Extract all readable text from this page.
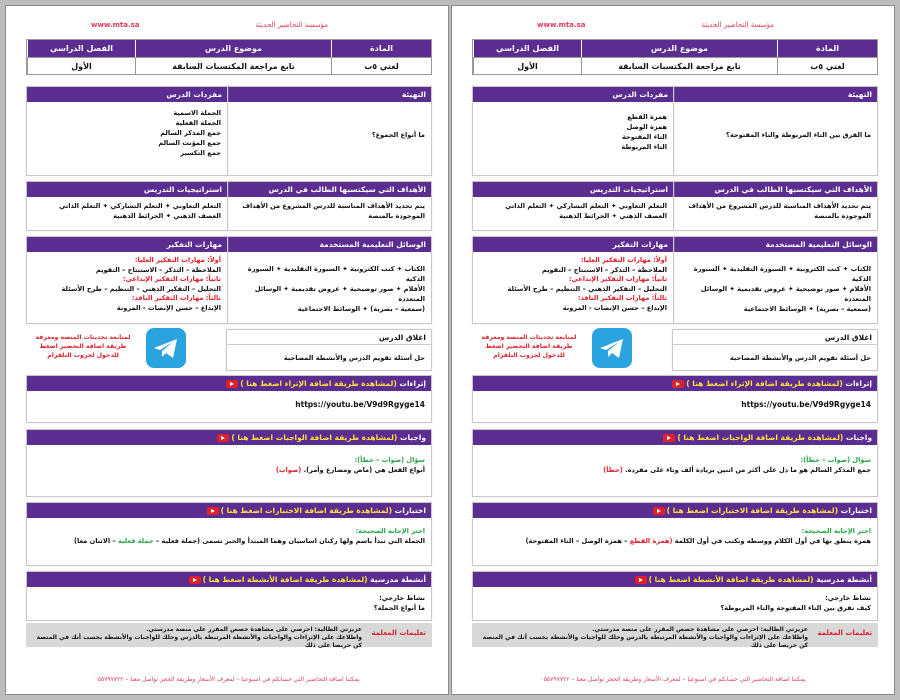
مؤسسة التحاضير الحديثة
www.mta.sa
المادة
موضوع الدرس
الفصل الدراسي
لغتي ٥ب
تابع مراجعة المكتسبات السابقة
الأول
التهيئة
ما الفرق بين التاء المربوطة والتاء المفتوحة؟
مفردات الدرس
همزة القطع
همزة الوصل
التاء المفتوحة
التاء المربوطة
الأهداف التي سيكتسبها الطالب في الدرس
يتم تحديد الأهداف المناسبة للدرس المشروع من الأهداف الموجودة بالمنصة
استراتيجيات التدريس
التعلم التعاوني ✦ التعلم التشاركي ✦ التعلم الذاتي
العصف الذهني ✦ الخرائط الذهنية
الوسائل التعليمية المستخدمة
الكتاب ✦ كتب الكترونية ✦ السبورة التقليدية ✦ السبورة الذكية
الأقلام ✦ صور توضيحية ✦ عروض تقديمية ✦ الوسائل المتعددة
(سمعية – بصرية) ✦ الوسائط الاجتماعية
مهارات التفكير
أولاً: مهارات التفكير العليا:
الملاحظة – التذكر – الاستنتاج – التقويم
ثانياً: مهارات التفكير الإبداعي:
التحليل – التفكير الذهني – التنظيم – طرح الأسئلة
ثالثاً: مهارات التفكير الناقد:
الإبداع – حسن الإنصات - المرونة
اغلاق الدرس
حل أسئلة تقويم الدرس والأنشطة المصاحبة
لمتابعة تحديثات المنصة ومعرفة طريقة اضافة التحضير اضغط للدخول لجروب التلقرام
إثراءات (لمشاهدة طريقة اضافة الإثراء اضغط هنا )
https://youtu.be/V9d9Rgyge14
واجبات (لمشاهدة طريقة اضافة الواجبات اضغط هنا )
سؤال (صواب – خطأ):
جمع المذكر السالم هو ما دل على أكثر من اثنين بزيادة ألف وتاء على مفرده. (خطأ)
اختبارات (لمشاهدة طريقة اضافة الاختبارات اضغط هنا )
اختر الإجابة الصحيحة:
همزة ينطق بها في أول الكلام ووسطه وتكتب في أول الكلمة (همزة القطع – همزة الوصل – التاء المفتوحة)
أنشطة مدرسية (لمشاهدة طريقة اضافة الأنشطة اضغط هنا )
نشاط خارجي:
كيف نفرق بين التاء المفتوحة والتاء المربوطة؟
تعليمات المعلمة
عزيزتي الطالبة: احرصي على مشاهدة حصص المقرر على منصة مدرستي.
واطلاعك على الإثراءات والواجبات والأنشطة المرتبطة بالدرس وحلك للواجبات والأنشطة بحسب أنك في المنصة كن حريصا على ذلك
يمكننا اضافة التحاضير التي حسابكم في اسبوعيا – لمعرف الأسعار وطريقة الحجز تواصل معنا – ٠٥٥٧٩٧٧٢٢
مؤسسة التحاضير الحديثة
www.mta.sa
المادة
موضوع الدرس
الفصل الدراسي
لغتي ٥ب
تابع مراجعة المكتسبات السابقة
الأول
التهيئة
ما أنواع الجموع؟
مفردات الدرس
الجملة الاسمية
الجملة الفعلية
جمع المذكر السالم
جمع المؤنث السالم
جمع التكسير
الأهداف التي سيكتسبها الطالب في الدرس
يتم تحديد الأهداف المناسبة للدرس المشروع من الأهداف الموجودة بالمنصة
استراتيجيات التدريس
التعلم التعاوني ✦ التعلم التشاركي ✦ التعلم الذاتي
العصف الذهني ✦ الخرائط الذهنية
الوسائل التعليمية المستخدمة
الكتاب ✦ كتب الكترونية ✦ السبورة التقليدية ✦ السبورة الذكية
الأقلام ✦ صور توضيحية ✦ عروض تقديمية ✦ الوسائل المتعددة
(سمعية – بصرية) ✦ الوسائط الاجتماعية
مهارات التفكير
أولاً: مهارات التفكير العليا:
الملاحظة – التذكر – الاستنتاج – التقويم
ثانياً: مهارات التفكير الإبداعي:
التحليل – التفكير الذهني – التنظيم – طرح الأسئلة
ثالثاً: مهارات التفكير الناقد:
الإبداع – حسن الإنصات - المرونة
اغلاق الدرس
حل أسئلة تقويم الدرس والأنشطة المصاحبة
لمتابعة تحديثات المنصة ومعرفة طريقة اضافة التحضير اضغط للدخول لجروب التلقرام
إثراءات (لمشاهدة طريقة اضافة الإثراء اضغط هنا )
https://youtu.be/V9d9Rgyge14
واجبات (لمشاهدة طريقة اضافة الواجبات اضغط هنا )
سؤال (صواب – خطأ):
أنواع الفعل هي (ماض ومضارع وأمر). (صواب)
اختبارات (لمشاهدة طريقة اضافة الاختبارات اضغط هنا )
اختر الإجابة الصحيحة:
الجملة التي تبدأ باسم ولها ركنان اساسيان وهما المبتدأ والخبر تسمى (جملة فعلية – جملة فعلية – الاثنان معا)
أنشطة مدرسية (لمشاهدة طريقة اضافة الأنشطة اضغط هنا )
نشاط خارجي:
ما أنواع الجملة؟
تعليمات المعلمة
عزيزتي الطالبة: احرصي على مشاهدة حصص المقرر على منصة مدرستي.
واطلاعك على الإثراءات والواجبات والأنشطة المرتبطة بالدرس وحلك للواجبات والأنشطة بحسب أنك في المنصة كن حريصا على ذلك
يمكننا اضافة التحاضير التي حسابكم في اسبوعيا – لمعرف الأسعار وطريقة الحجز تواصل معنا – ٠٥٥٧٩٧٧٢٢
